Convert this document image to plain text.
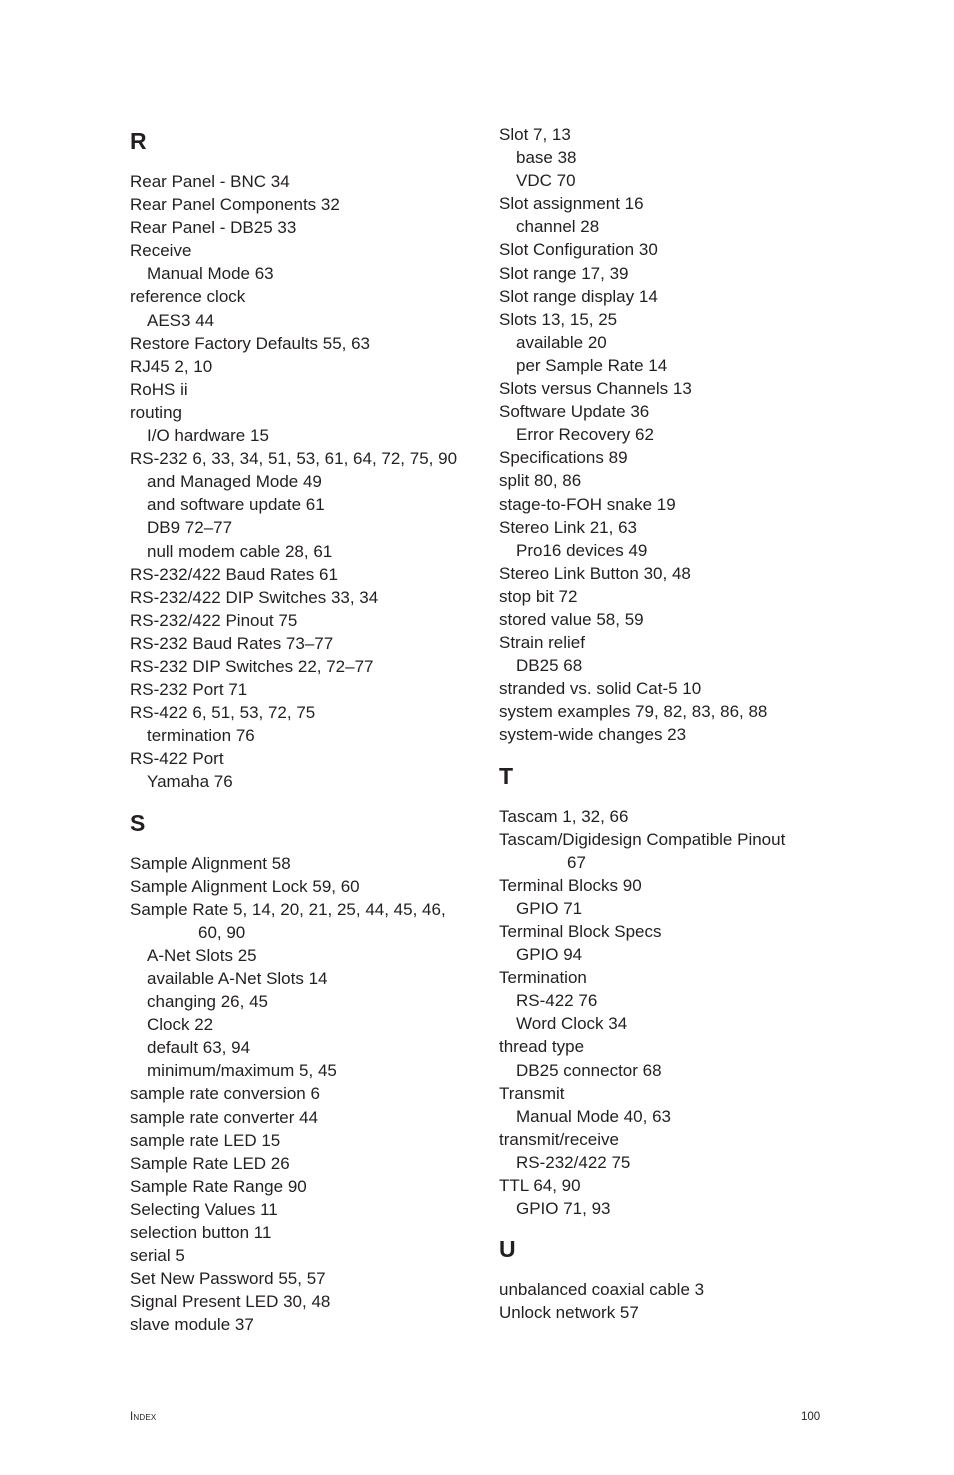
R
Rear Panel - BNC 34
Rear Panel Components 32
Rear Panel - DB25 33
Receive
Manual Mode 63
reference clock
AES3 44
Restore Factory Defaults 55, 63
RJ45 2, 10
RoHS ii
routing
I/O hardware 15
RS-232 6, 33, 34, 51, 53, 61, 64, 72, 75, 90
and Managed Mode 49
and software update 61
DB9 72–77
null modem cable 28, 61
RS-232/422 Baud Rates 61
RS-232/422 DIP Switches 33, 34
RS-232/422 Pinout 75
RS-232 Baud Rates 73–77
RS-232 DIP Switches 22, 72–77
RS-232 Port 71
RS-422 6, 51, 53, 72, 75
termination 76
RS-422 Port
Yamaha 76
S
Sample Alignment 58
Sample Alignment Lock 59, 60
Sample Rate 5, 14, 20, 21, 25, 44, 45, 46,
60, 90
A-Net Slots 25
available A-Net Slots 14
changing 26, 45
Clock 22
default 63, 94
minimum/maximum 5, 45
sample rate conversion 6
sample rate converter 44
sample rate LED 15
Sample Rate LED 26
Sample Rate Range 90
Selecting Values 11
selection button 11
serial 5
Set New Password 55, 57
Signal Present LED 30, 48
slave module 37
Slot 7, 13
base 38
VDC 70
Slot assignment 16
channel 28
Slot Configuration 30
Slot range 17, 39
Slot range display 14
Slots 13, 15, 25
available 20
per Sample Rate 14
Slots versus Channels 13
Software Update 36
Error Recovery 62
Specifications 89
split 80, 86
stage-to-FOH snake 19
Stereo Link 21, 63
Pro16 devices 49
Stereo Link Button 30, 48
stop bit 72
stored value 58, 59
Strain relief
DB25 68
stranded vs. solid Cat-5 10
system examples 79, 82, 83, 86, 88
system-wide changes 23
T
Tascam 1, 32, 66
Tascam/Digidesign Compatible Pinout
67
Terminal Blocks 90
GPIO 71
Terminal Block Specs
GPIO 94
Termination
RS-422 76
Word Clock 34
thread type
DB25 connector 68
Transmit
Manual Mode 40, 63
transmit/receive
RS-232/422 75
TTL 64, 90
GPIO 71, 93
U
unbalanced coaxial cable 3
Unlock network 57
Index	100
